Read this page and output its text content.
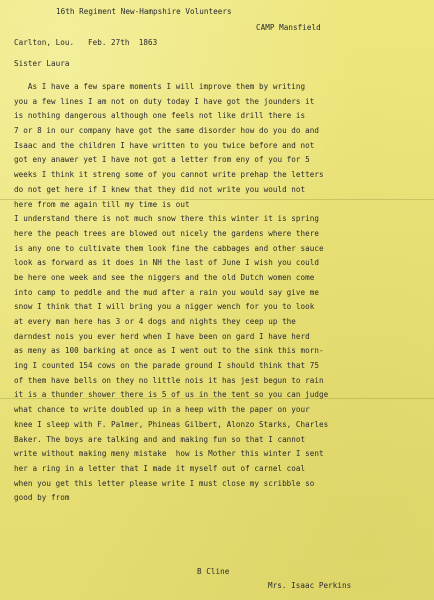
16th Regiment New-Hampshire Volunteers
CAMP Mansfield
Carlton, Lou.   Feb. 27th  1863
Sister Laura
As I have a few spare moments I will improve them by writing
you a few lines I am not on duty today I have got the jounders it
is nothing dangerous although one feels not like drill there is
7 or 8 in our company have got the same disorder how do you do and
Isaac and the children I have written to you twice before and not
got eny anawer yet I have not got a letter from eny of you for 5
weeks I think it streng some of you cannot write prehap the letters
do not get here if I knew that they did not write you would not
here from me again till my time is out
I understand there is not much snow there this winter it is spring
here the peach trees are blowed out nicely the gardens where there
is any one to cultivate them look fine the cabbages and other sauce
look as forward as it does in NH the last of June I wish you could
be here one week and see the niggers and the old Dutch women come
into camp to peddle and the mud after a rain you would say give me
snow I think that I will bring you a nigger wench for you to look
at every man here has 3 or 4 dogs and nights they ceep up the
darndest nois you ever herd when I have been on gard I have herd
as meny as 100 barking at once as I went out to the sink this morn-
ing I counted 154 cows on the parade ground I should think that 75
of them have bells on they no little nois it has jest begun to rain
it is a thunder shower there is 5 of us in the tent so you can judge
what chance to write doubled up in a heep with the paper on your
knee I sleep with F. Palmer, Phineas Gilbert, Alonzo Starks, Charles
Baker. The boys are talking and and making fun so that I cannot
write without making meny mistake  how is Mother this winter I sent
her a ring in a letter that I made it myself out of carnel coal
when you get this letter please write I must close my scribble so
good by from
B Cline
Mrs. Isaac Perkins
